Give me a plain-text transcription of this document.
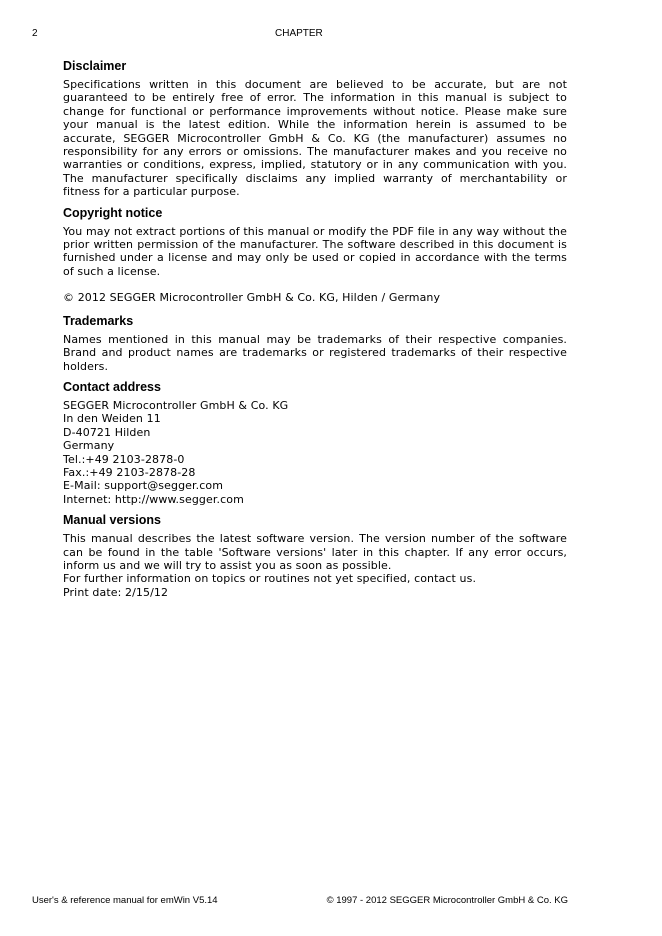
2	CHAPTER
Disclaimer

Specifications written in this document are believed to be accurate, but are not guaranteed to be entirely free of error. The information in this manual is subject to change for functional or performance improvements without notice. Please make sure your manual is the latest edition. While the information herein is assumed to be accurate, SEGGER Microcontroller GmbH & Co. KG (the manufacturer) assumes no responsibility for any errors or omissions. The manufacturer makes and you receive no warranties or conditions, express, implied, statutory or in any communication with you. The manufacturer specifically disclaims any implied warranty of merchantability or fitness for a particular purpose.

Copyright notice

You may not extract portions of this manual or modify the PDF file in any way without the prior written permission of the manufacturer. The software described in this document is furnished under a license and may only be used or copied in accordance with the terms of such a license.

© 2012 SEGGER Microcontroller GmbH & Co. KG, Hilden / Germany

Trademarks

Names mentioned in this manual may be trademarks of their respective companies. Brand and product names are trademarks or registered trademarks of their respective holders.

Contact address

SEGGER Microcontroller GmbH & Co. KG
In den Weiden 11
D-40721 Hilden
Germany
Tel.:+49 2103-2878-0
Fax.:+49 2103-2878-28
E-Mail: support@segger.com
Internet: http://www.segger.com

Manual versions

This manual describes the latest software version. The version number of the software can be found in the table 'Software versions' later in this chapter. If any error occurs, inform us and we will try to assist you as soon as possible.

For further information on topics or routines not yet specified, contact us.

Print date: 2/15/12

User's & reference manual for emWin V5.14	© 1997 - 2012 SEGGER Microcontroller GmbH & Co. KG
